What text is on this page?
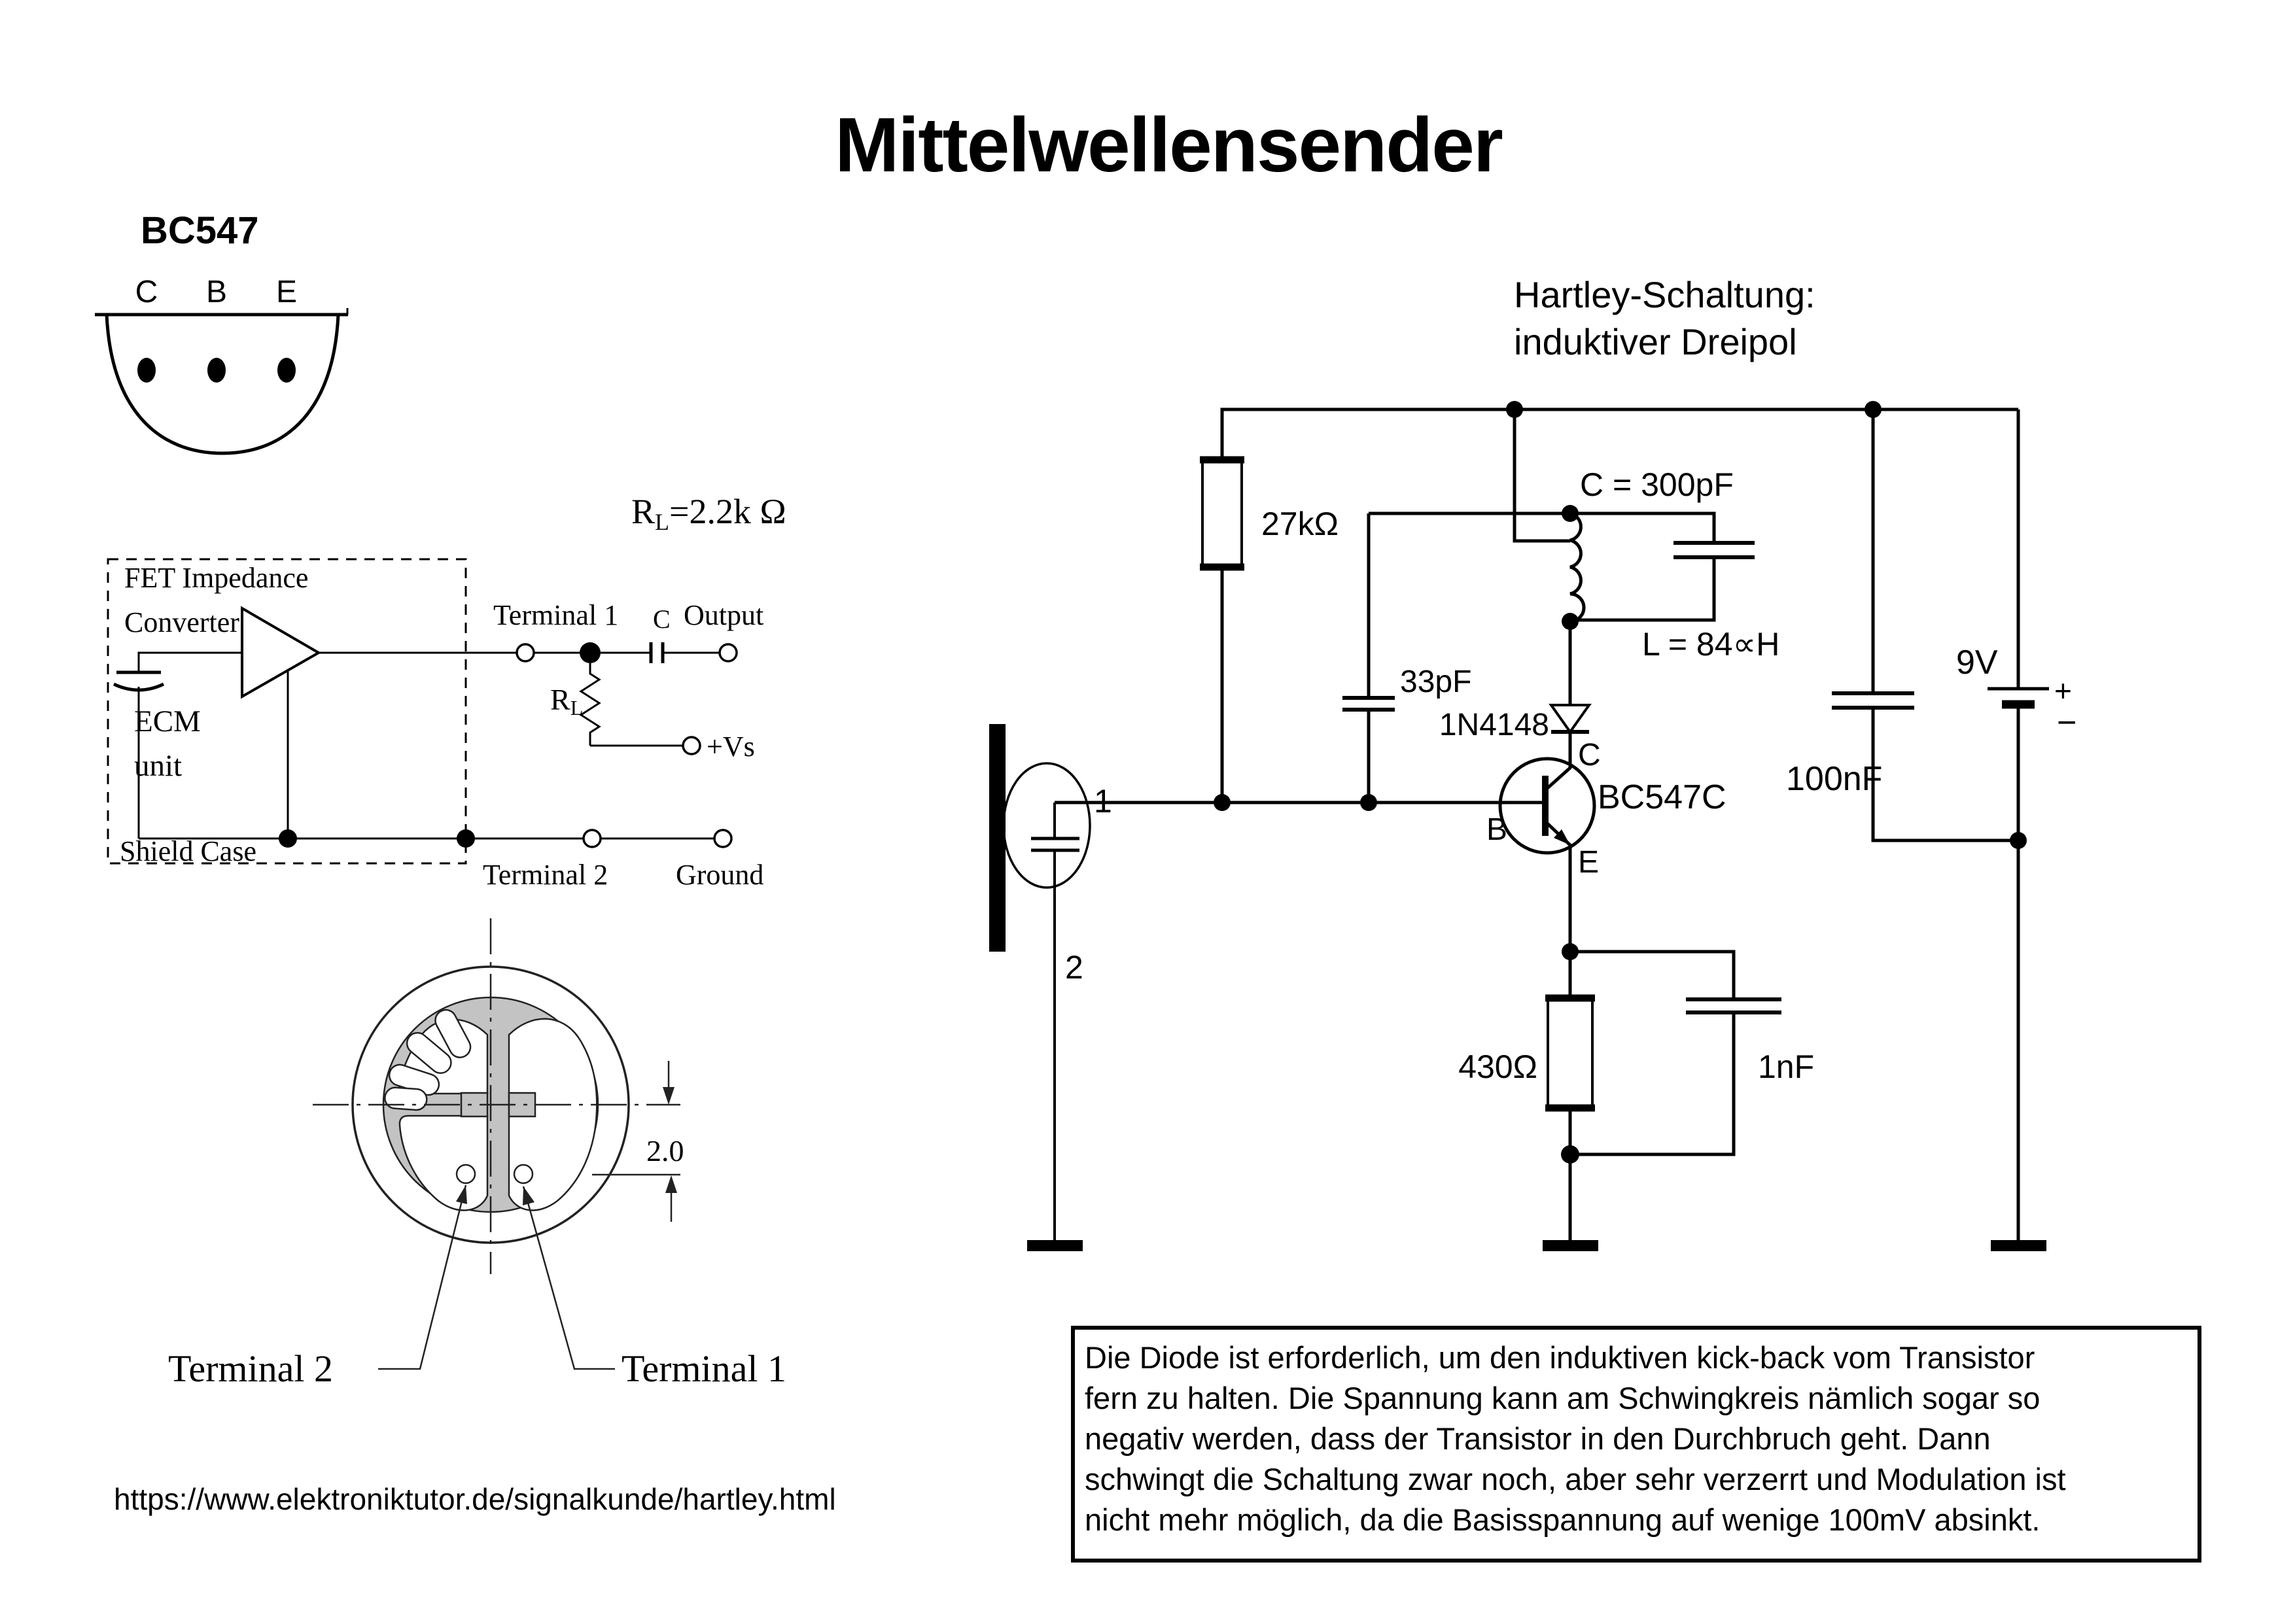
Mittelwellensender
BC547
C B E
RL=2.2k Ω
FET Impedance
Converter	Terminal 1 C Output
+Vs
RL
ECM
unit
Shield Case
Terminal 2 Ground
2.0
Terminal 2	Terminal 1
https://www.elektroniktutor.de/signalkunde/hartley.html
Hartley-Schaltung:
induktiver Dreipol
27kΩ
1
2
33pF
C = 300pF
L = 84∝H
1N4148
C
B
E
BC547C
1nF
430Ω
100nF
9V
+
−
Die Diode ist erforderlich, um den induktiven kick-back vom Transistor
fern zu halten. Die Spannung kann am Schwingkreis nämlich sogar so
negativ werden, dass der Transistor in den Durchbruch geht. Dann
schwingt die Schaltung zwar noch, aber sehr verzerrt und Modulation ist
nicht mehr möglich, da die Basisspannung auf wenige 100mV absinkt.
